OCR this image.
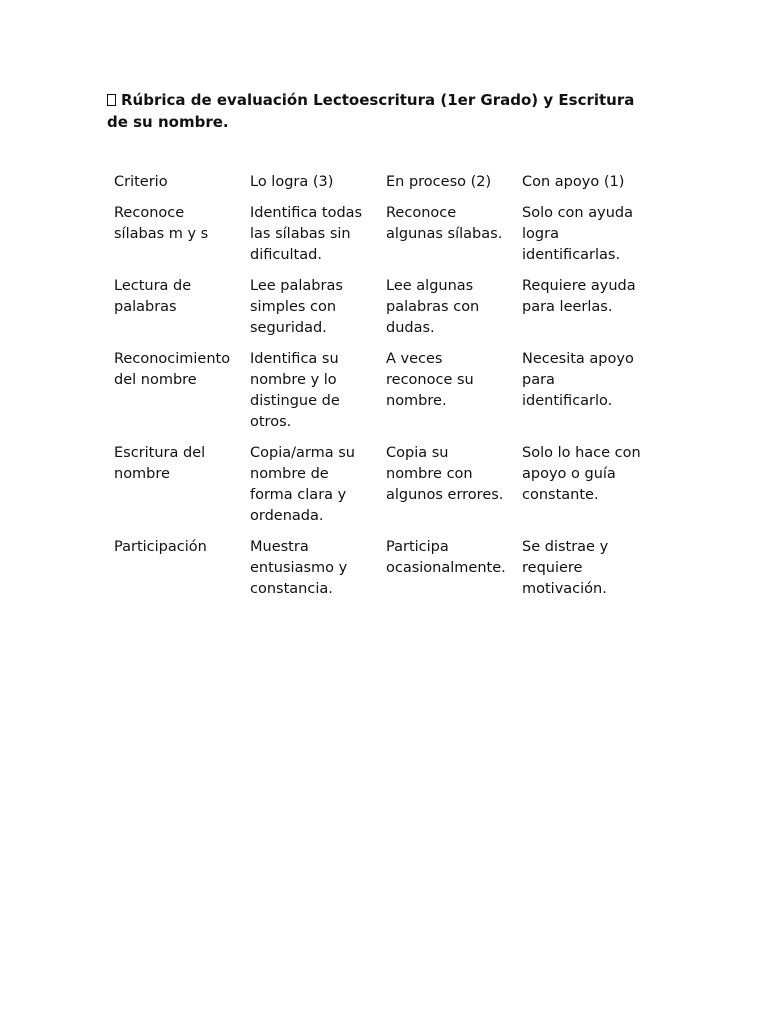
Rúbrica de evaluación Lectoescritura (1er Grado) y Escritura de su nombre.
Criterio	Lo logra (3)	En proceso (2)	Con apoyo (1)
Reconoce sílabas m y s	Identifica todas las sílabas sin dificultad.	Reconoce algunas sílabas.	Solo con ayuda logra identificarlas.
Lectura de palabras	Lee palabras simples con seguridad.	Lee algunas palabras con dudas.	Requiere ayuda para leerlas.
Reconocimiento del nombre	Identifica su nombre y lo distingue de otros.	A veces reconoce su nombre.	Necesita apoyo para identificarlo.
Escritura del nombre	Copia/arma su nombre de forma clara y ordenada.	Copia su nombre con algunos errores.	Solo lo hace con apoyo o guía constante.
Participación	Muestra entusiasmo y constancia.	Participa ocasionalmente.	Se distrae y requiere motivación.
